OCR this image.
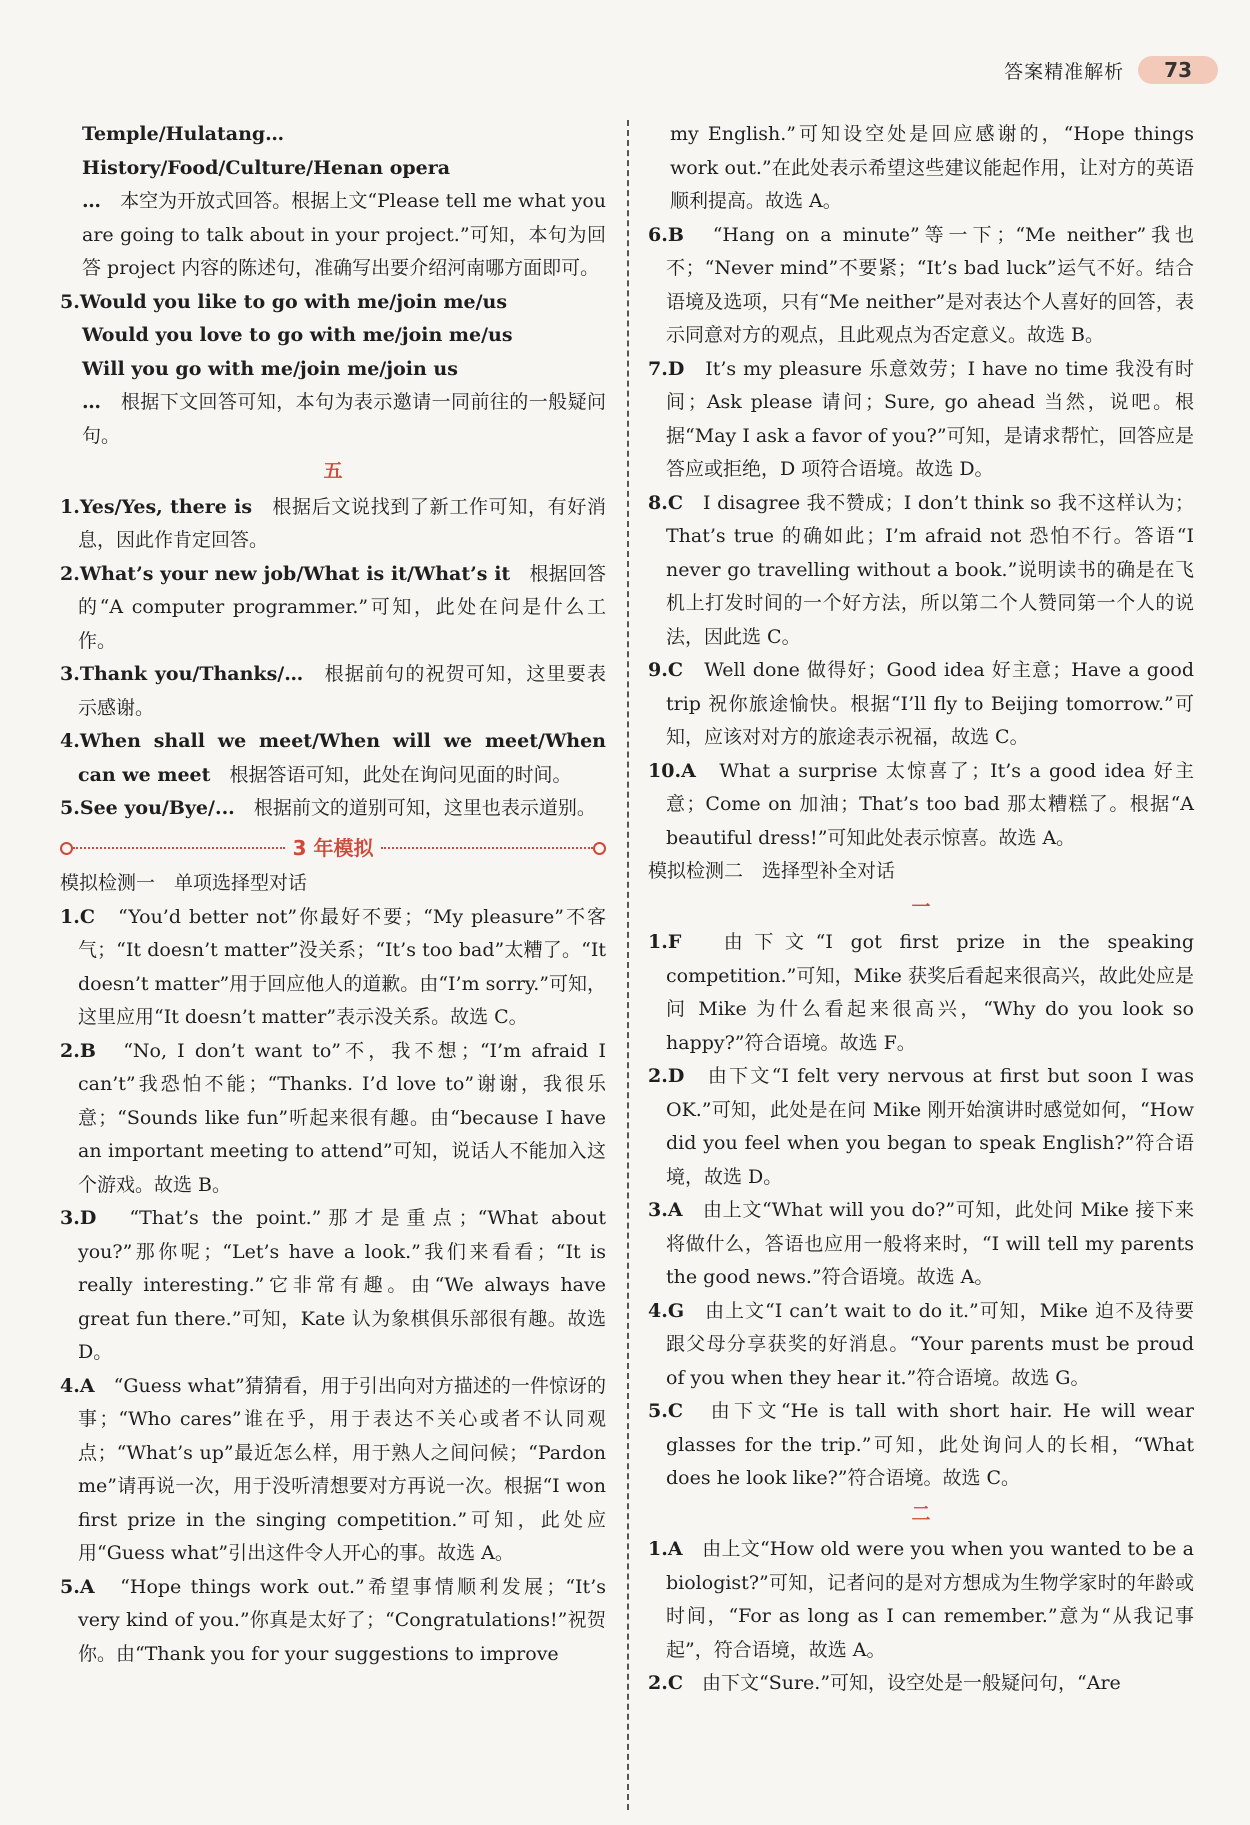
答案精准解析	73

Temple/Hulatang…

History/Food/Culture/Henan opera

…　 本空为开放式回答。根据上文“Please tell me what you are going to talk about in your project.”可知，本句为回答 project 内容的陈述句，准确写出要介绍河南哪方面即可。

5.Would you like to go with me/join me/us

Would you love to go with me/join me/us

Will you go with me/join me/join us

…　 根据下文回答可知，本句为表示邀请一同前往的一般疑问句。

五

1.Yes/Yes, there is　 根据后文说找到了新工作可知，有好消息，因此作肯定回答。

2.What’s your new job/What is it/What’s it　 根据回答的“A computer programmer.”可知，此处在问是什么工作。

3.Thank you/Thanks/…　 根据前句的祝贺可知，这里要表示感谢。

4.When shall we meet/When will we meet/When can we meet　 根据答语可知，此处在询问见面的时间。

5.See you/Bye/...　 根据前文的道别可知，这里也表示道别。

3 年模拟

模拟检测一　单项选择型对话

1.C　 “You’d better not”你最好不要；“My pleasure”不客气；“It doesn’t matter”没关系；“It’s too bad”太糟了。“It doesn’t matter”用于回应他人的道歉。由“I’m sorry.”可知，这里应用“It doesn’t matter”表示没关系。故选 C。

2.B　 “No, I don’t want to”不，我不想；“I’m afraid I can’t”我恐怕不能；“Thanks. I’d love to”谢谢，我很乐意；“Sounds like fun”听起来很有趣。由“because I have an important meeting to attend”可知，说话人不能加入这个游戏。故选 B。

3.D　 “That’s the point.”那才是重点；“What about you?”那你呢；“Let’s have a look.”我们来看看；“It is really interesting.”它非常有趣。由“We always have great fun there.”可知，Kate 认为象棋俱乐部很有趣。故选 D。

4.A　 “Guess what”猜猜看，用于引出向对方描述的一件惊讶的事；“Who cares”谁在乎，用于表达不关心或者不认同观点；“What’s up”最近怎么样，用于熟人之间问候；“Pardon me”请再说一次，用于没听清想要对方再说一次。根据“I won first prize in the singing competition.”可知，此处应用“Guess what”引出这件令人开心的事。故选 A。

5.A　 “Hope things work out.”希望事情顺利发展；“It’s very kind of you.”你真是太好了；“Congratulations!”祝贺你。由“Thank you for your suggestions to improve

my English.”可知设空处是回应感谢的，“Hope things work out.”在此处表示希望这些建议能起作用，让对方的英语顺利提高。故选 A。

6.B　 “Hang on a minute”等一下；“Me neither”我也不；“Never mind”不要紧；“It’s bad luck”运气不好。结合语境及选项，只有“Me neither”是对表达个人喜好的回答，表示同意对方的观点，且此观点为否定意义。故选 B。

7.D　 It’s my pleasure 乐意效劳；I have no time 我没有时间；Ask please 请问；Sure, go ahead 当然，说吧。根据“May I ask a favor of you?”可知，是请求帮忙，回答应是答应或拒绝，D 项符合语境。故选 D。

8.C　 I disagree 我不赞成；I don’t think so 我不这样认为；That’s true 的确如此；I’m afraid not 恐怕不行。答语“I never go travelling without a book.”说明读书的确是在飞机上打发时间的一个好方法，所以第二个人赞同第一个人的说法，因此选 C。

9.C　 Well done 做得好；Good idea 好主意；Have a good trip 祝你旅途愉快。根据“I’ll fly to Beijing tomorrow.”可知，应该对对方的旅途表示祝福，故选 C。

10.A　 What a surprise 太惊喜了；It’s a good idea 好主意；Come on 加油；That’s too bad 那太糟糕了。根据“A beautiful dress!”可知此处表示惊喜。故选 A。

模拟检测二　选择型补全对话

一

1.F　 由下文“I got first prize in the speaking competition.”可知，Mike 获奖后看起来很高兴，故此处应是问 Mike 为什么看起来很高兴，“Why do you look so happy?”符合语境。故选 F。

2.D　 由下文“I felt very nervous at first but soon I was OK.”可知，此处是在问 Mike 刚开始演讲时感觉如何，“How did you feel when you began to speak English?”符合语境，故选 D。

3.A　 由上文“What will you do?”可知，此处问 Mike 接下来将做什么，答语也应用一般将来时，“I will tell my parents the good news.”符合语境。故选 A。

4.G　 由上文“I can’t wait to do it.”可知，Mike 迫不及待要跟父母分享获奖的好消息。“Your parents must be proud of you when they hear it.”符合语境。故选 G。

5.C　 由下文“He is tall with short hair. He will wear glasses for the trip.”可知，此处询问人的长相，“What does he look like?”符合语境。故选 C。

二

1.A　 由上文“How old were you when you wanted to be a biologist?”可知，记者问的是对方想成为生物学家时的年龄或时间，“For as long as I can remember.”意为“从我记事起”，符合语境，故选 A。

2.C　 由下文“Sure.”可知，设空处是一般疑问句，“Are
